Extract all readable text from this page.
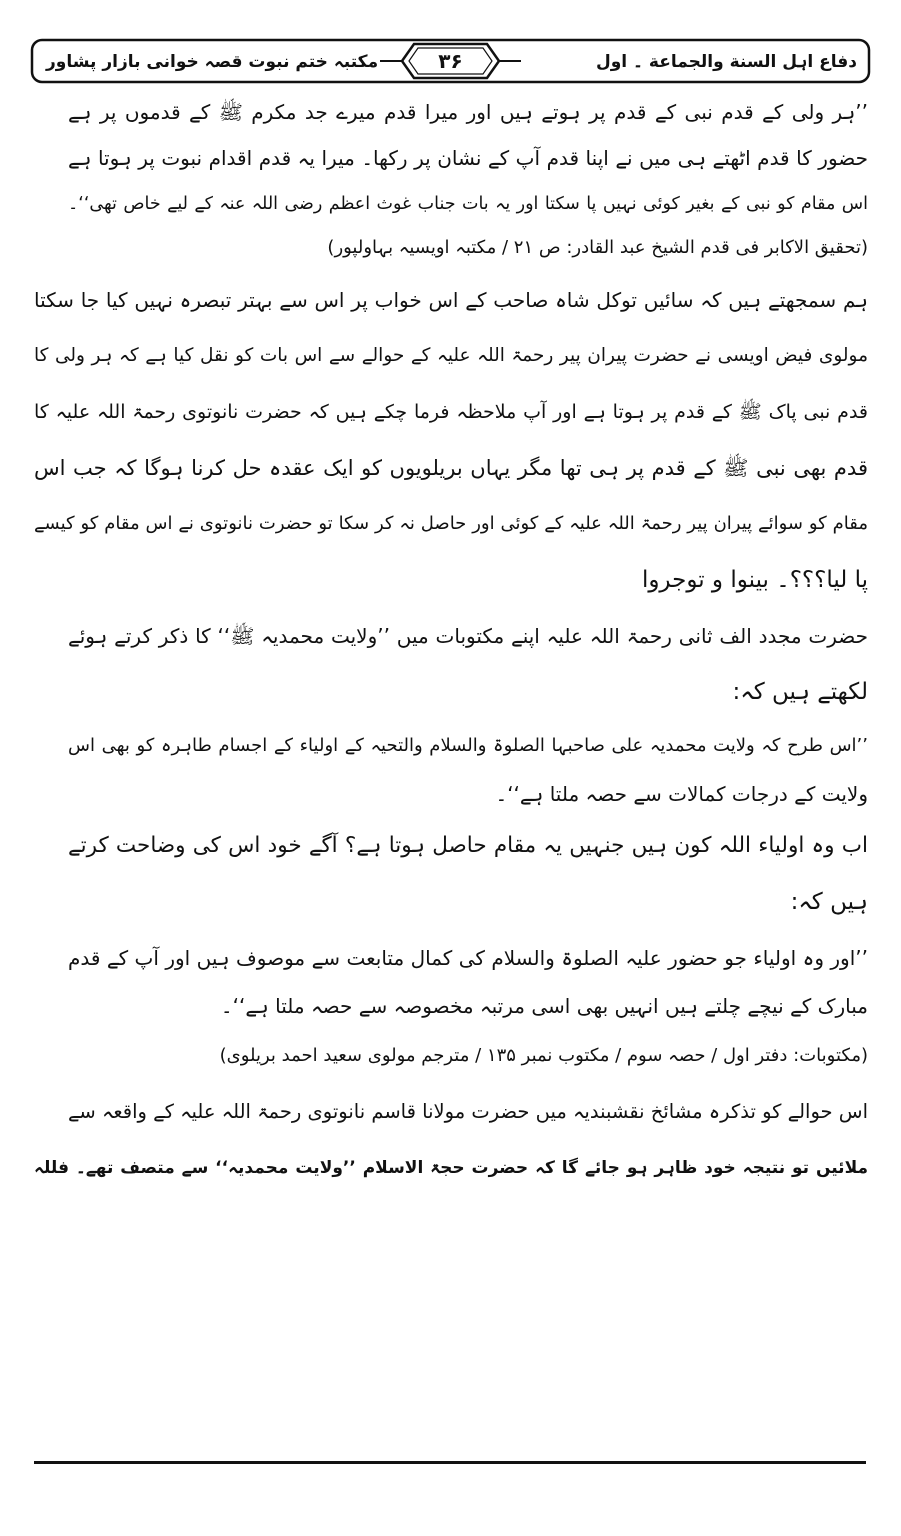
دفاع اہل السنة والجماعة ۔ اول
۳۶
مکتبہ ختم نبوت قصہ خوانی بازار پشاور
’’ہر ولی کے قدم نبی کے قدم پر ہوتے ہیں اور میرا قدم میرے جد مکرم ﷺ کے قدموں پر ہے
حضور کا قدم اٹھتے ہی میں نے اپنا قدم آپ کے نشان پر رکھا۔ میرا یہ قدم اقدام نبوت پر ہوتا ہے
اس مقام کو نبی کے بغیر کوئی نہیں پا سکتا اور یہ بات جناب غوث اعظم رضی اللہ عنہ کے لیے خاص تھی‘‘۔
(تحقیق الاکابر فی قدم الشیخ عبد القادر: ص ۲۱ / مکتبہ اویسیہ بہاولپور)
ہم سمجھتے ہیں کہ سائیں توکل شاہ صاحب کے اس خواب پر اس سے بہتر تبصرہ نہیں کیا جا سکتا
مولوی فیض اویسی نے حضرت پیران پیر رحمۃ اللہ علیہ کے حوالے سے اس بات کو نقل کیا ہے کہ ہر ولی کا
قدم نبی پاک ﷺ کے قدم پر ہوتا ہے اور آپ ملاحظہ فرما چکے ہیں کہ حضرت نانوتوی رحمۃ اللہ علیہ کا
قدم بھی نبی ﷺ کے قدم پر ہی تھا مگر یہاں بریلویوں کو ایک عقدہ حل کرنا ہوگا کہ جب اس
مقام کو سوائے پیران پیر رحمۃ اللہ علیہ کے کوئی اور حاصل نہ کر سکا تو حضرت نانوتوی نے اس مقام کو کیسے
پا لیا؟؟؟۔ بینوا و توجروا
حضرت مجدد الف ثانی رحمۃ اللہ علیہ اپنے مکتوبات میں ’’ولایت محمدیہ ﷺ‘‘ کا ذکر کرتے ہوئے
لکھتے ہیں کہ:
’’اس طرح کہ ولایت محمدیہ علی صاحبہا الصلوۃ والسلام والتحیہ کے اولیاء کے اجسام طاہرہ کو بھی اس
ولایت کے درجات کمالات سے حصہ ملتا ہے‘‘۔
اب وہ اولیاء اللہ کون ہیں جنہیں یہ مقام حاصل ہوتا ہے؟ آگے خود اس کی وضاحت کرتے
ہیں کہ:
’’اور وہ اولیاء جو حضور علیہ الصلوۃ والسلام کی کمال متابعت سے موصوف ہیں اور آپ کے قدم
مبارک کے نیچے چلتے ہیں انہیں بھی اسی مرتبہ مخصوصہ سے حصہ ملتا ہے‘‘۔
(مکتوبات: دفتر اول / حصہ سوم / مکتوب نمبر ۱۳۵ / مترجم مولوی سعید احمد بریلوی)
اس حوالے کو تذکرہ مشائخ نقشبندیہ میں حضرت مولانا قاسم نانوتوی رحمۃ اللہ علیہ کے واقعہ سے
ملائیں تو نتیجہ خود ظاہر ہو جائے گا کہ حضرت حجۃ الاسلام ’’ولایت محمدیہ‘‘ سے متصف تھے۔ فللہ
